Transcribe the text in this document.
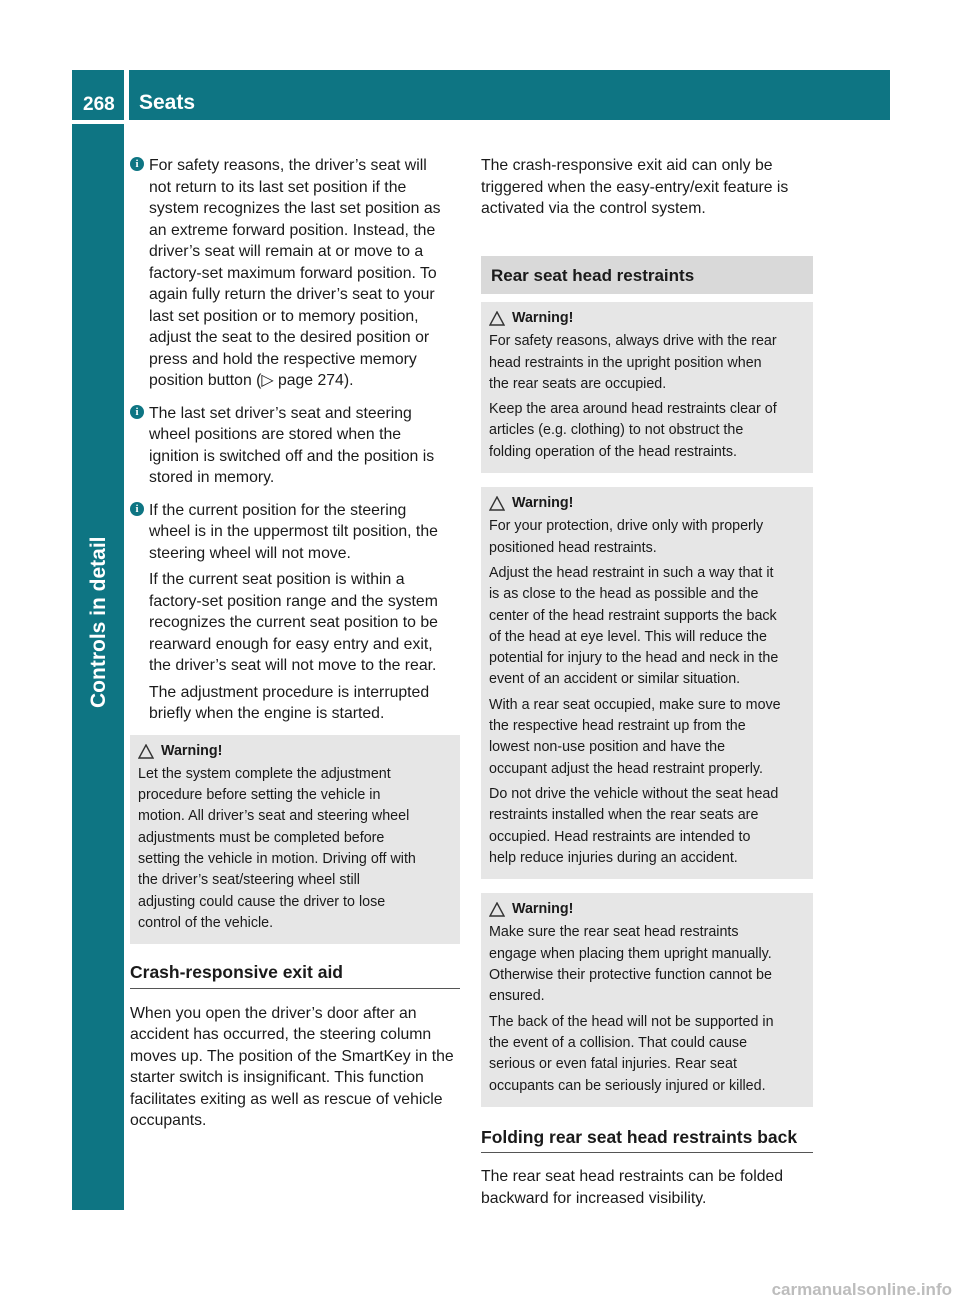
268 Seats
Controls in detail
i For safety reasons, the driver’s seat will
not return to its last set position if the
system recognizes the last set position as
an extreme forward position. Instead, the
driver’s seat will remain at or move to a
factory-set maximum forward position. To
again fully return the driver’s seat to your
last set position or to memory position,
adjust the seat to the desired position or
press and hold the respective memory
position button (▷ page 274).
i The last set driver’s seat and steering
wheel positions are stored when the
ignition is switched off and the position is
stored in memory.
i If the current position for the steering
wheel is in the uppermost tilt position, the
steering wheel will not move.
If the current seat position is within a
factory-set position range and the system
recognizes the current seat position to be
rearward enough for easy entry and exit,
the driver’s seat will not move to the rear.
The adjustment procedure is interrupted
briefly when the engine is started.
Warning!
Let the system complete the adjustment
procedure before setting the vehicle in
motion. All driver’s seat and steering wheel
adjustments must be completed before
setting the vehicle in motion. Driving off with
the driver’s seat/steering wheel still
adjusting could cause the driver to lose
control of the vehicle.
Crash-responsive exit aid
When you open the driver’s door after an
accident has occurred, the steering column
moves up. The position of the SmartKey in the
starter switch is insignificant. This function
facilitates exiting as well as rescue of vehicle
occupants.
The crash-responsive exit aid can only be
triggered when the easy-entry/exit feature is
activated via the control system.
Rear seat head restraints
Warning!
For safety reasons, always drive with the rear
head restraints in the upright position when
the rear seats are occupied.
Keep the area around head restraints clear of
articles (e.g. clothing) to not obstruct the
folding operation of the head restraints.
Warning!
For your protection, drive only with properly
positioned head restraints.
Adjust the head restraint in such a way that it
is as close to the head as possible and the
center of the head restraint supports the back
of the head at eye level. This will reduce the
potential for injury to the head and neck in the
event of an accident or similar situation.
With a rear seat occupied, make sure to move
the respective head restraint up from the
lowest non-use position and have the
occupant adjust the head restraint properly.
Do not drive the vehicle without the seat head
restraints installed when the rear seats are
occupied. Head restraints are intended to
help reduce injuries during an accident.
Warning!
Make sure the rear seat head restraints
engage when placing them upright manually.
Otherwise their protective function cannot be
ensured.
The back of the head will not be supported in
the event of a collision. That could cause
serious or even fatal injuries. Rear seat
occupants can be seriously injured or killed.
Folding rear seat head restraints back
The rear seat head restraints can be folded
backward for increased visibility.
carmanualsonline.info
